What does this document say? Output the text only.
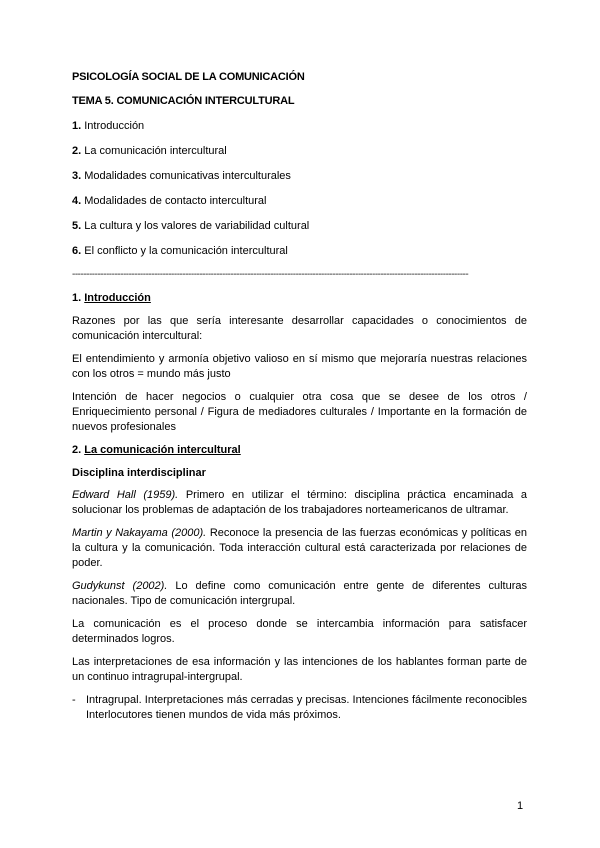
PSICOLOGÍA SOCIAL DE LA COMUNICACIÓN
TEMA 5. COMUNICACIÓN INTERCULTURAL
1. Introducción
2. La comunicación intercultural
3. Modalidades comunicativas interculturales
4. Modalidades de contacto intercultural
5. La cultura y los valores de variabilidad cultural
6. El conflicto y la comunicación intercultural
--------------------------------------------------------------------------------------------------------------------------------------------
1. Introducción

Razones por las que sería interesante desarrollar capacidades o conocimientos de comunicación intercultural:

El entendimiento y armonía objetivo valioso en sí mismo que mejoraría nuestras relaciones con los otros = mundo más justo

Intención de hacer negocios o cualquier otra cosa que se desee de los otros / Enriquecimiento personal / Figura de mediadores culturales / Importante en la formación de nuevos profesionales

2. La comunicación intercultural
Disciplina interdisciplinar

Edward Hall (1959). Primero en utilizar el término: disciplina práctica encaminada a solucionar los problemas de adaptación de los trabajadores norteamericanos de ultramar.

Martin y Nakayama (2000). Reconoce la presencia de las fuerzas económicas y políticas en la cultura y la comunicación. Toda interacción cultural está caracterizada por relaciones de poder.

Gudykunst (2002). Lo define como comunicación entre gente de diferentes culturas nacionales. Tipo de comunicación intergrupal.

La comunicación es el proceso donde se intercambia información para satisfacer determinados logros.

Las interpretaciones de esa información y las intenciones de los hablantes forman parte de un continuo intragrupal-intergrupal.

- Intragrupal. Interpretaciones más cerradas y precisas. Intenciones fácilmente reconocibles Interlocutores tienen mundos de vida más próximos.
1
